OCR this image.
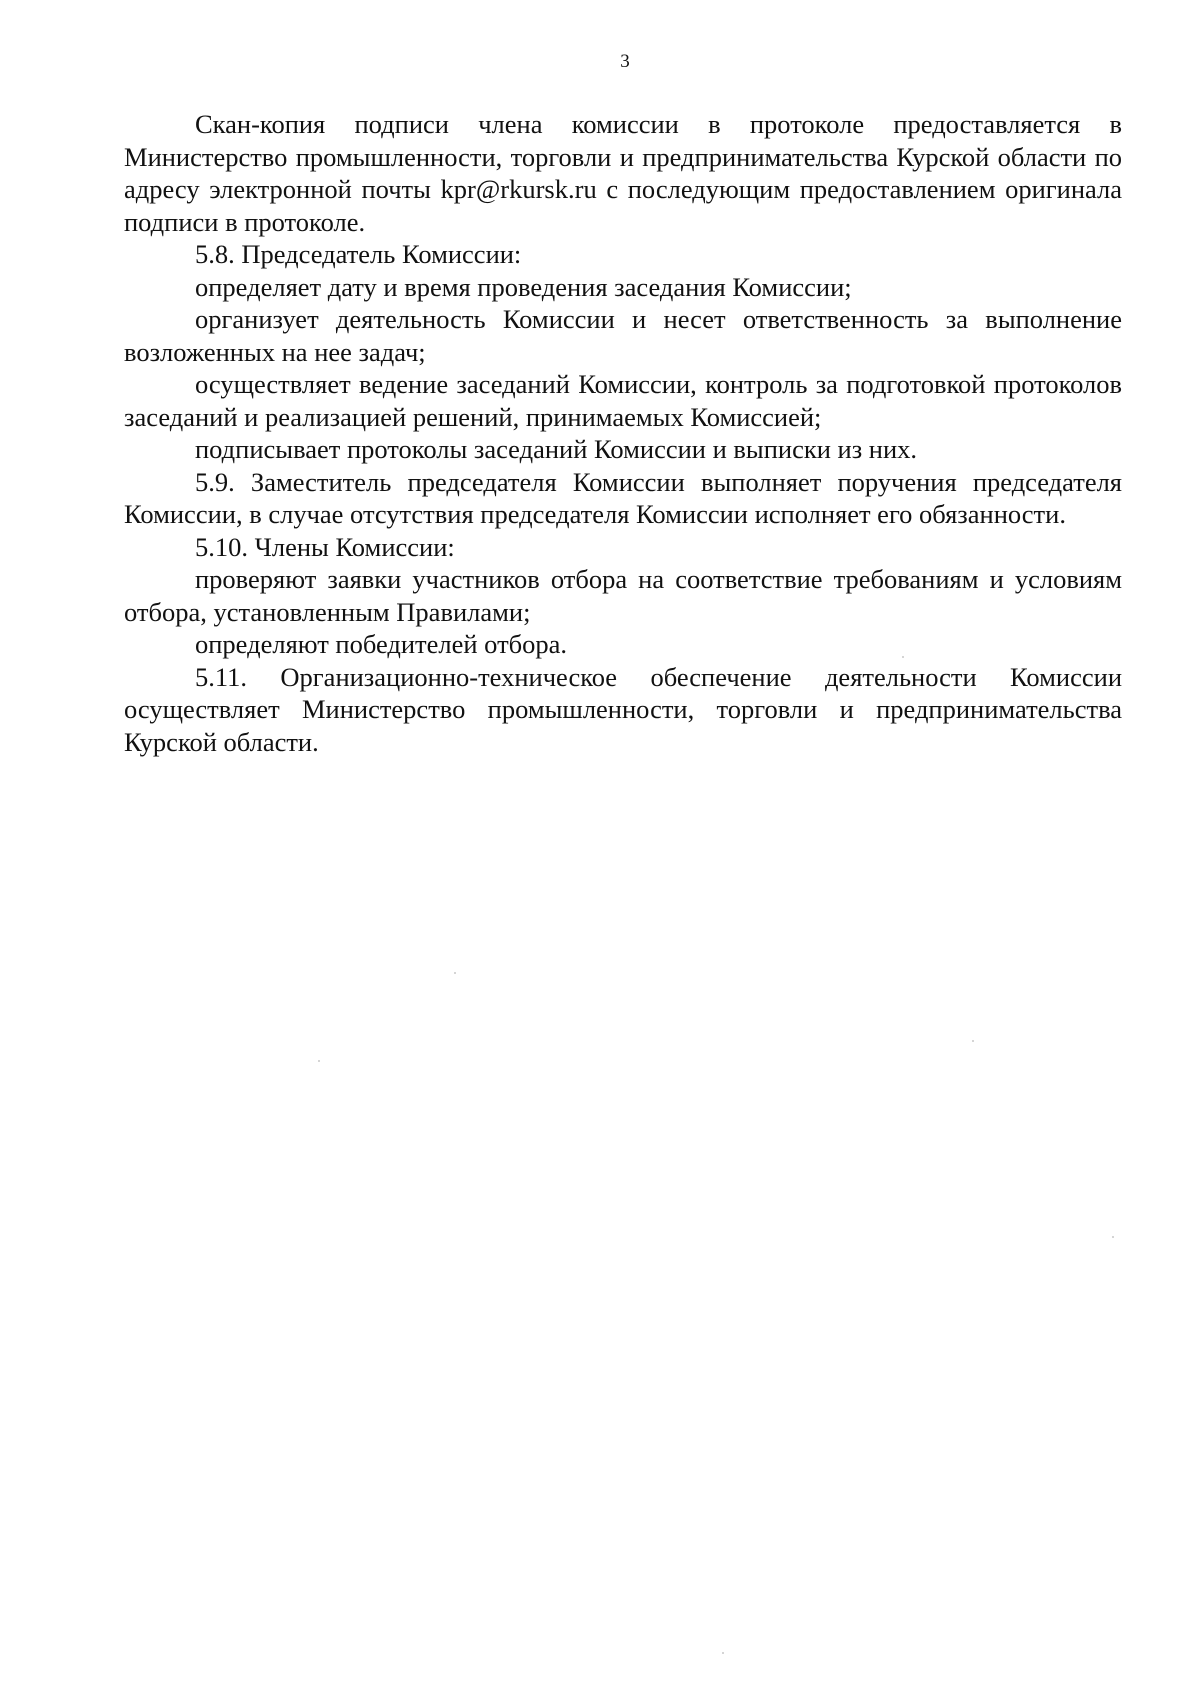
3

Скан-копия подписи члена комиссии в протоколе предоставляется в Министерство промышленности, торговли и предпринимательства Курской области по адресу электронной почты kpr@rkursk.ru с последующим предоставлением оригинала подписи в протоколе.

5.8. Председатель Комиссии:

определяет дату и время проведения заседания Комиссии;

организует деятельность Комиссии и несет ответственность за выполнение возложенных на нее задач;

осуществляет ведение заседаний Комиссии, контроль за подготовкой протоколов заседаний и реализацией решений, принимаемых Комиссией;

подписывает протоколы заседаний Комиссии и выписки из них.

5.9. Заместитель председателя Комиссии выполняет поручения председателя Комиссии, в случае отсутствия председателя Комиссии исполняет его обязанности.

5.10. Члены Комиссии:

проверяют заявки участников отбора на соответствие требованиям и условиям отбора, установленным Правилами;

определяют победителей отбора.

5.11. Организационно-техническое обеспечение деятельности Комиссии осуществляет Министерство промышленности, торговли и предпринимательства Курской области.
